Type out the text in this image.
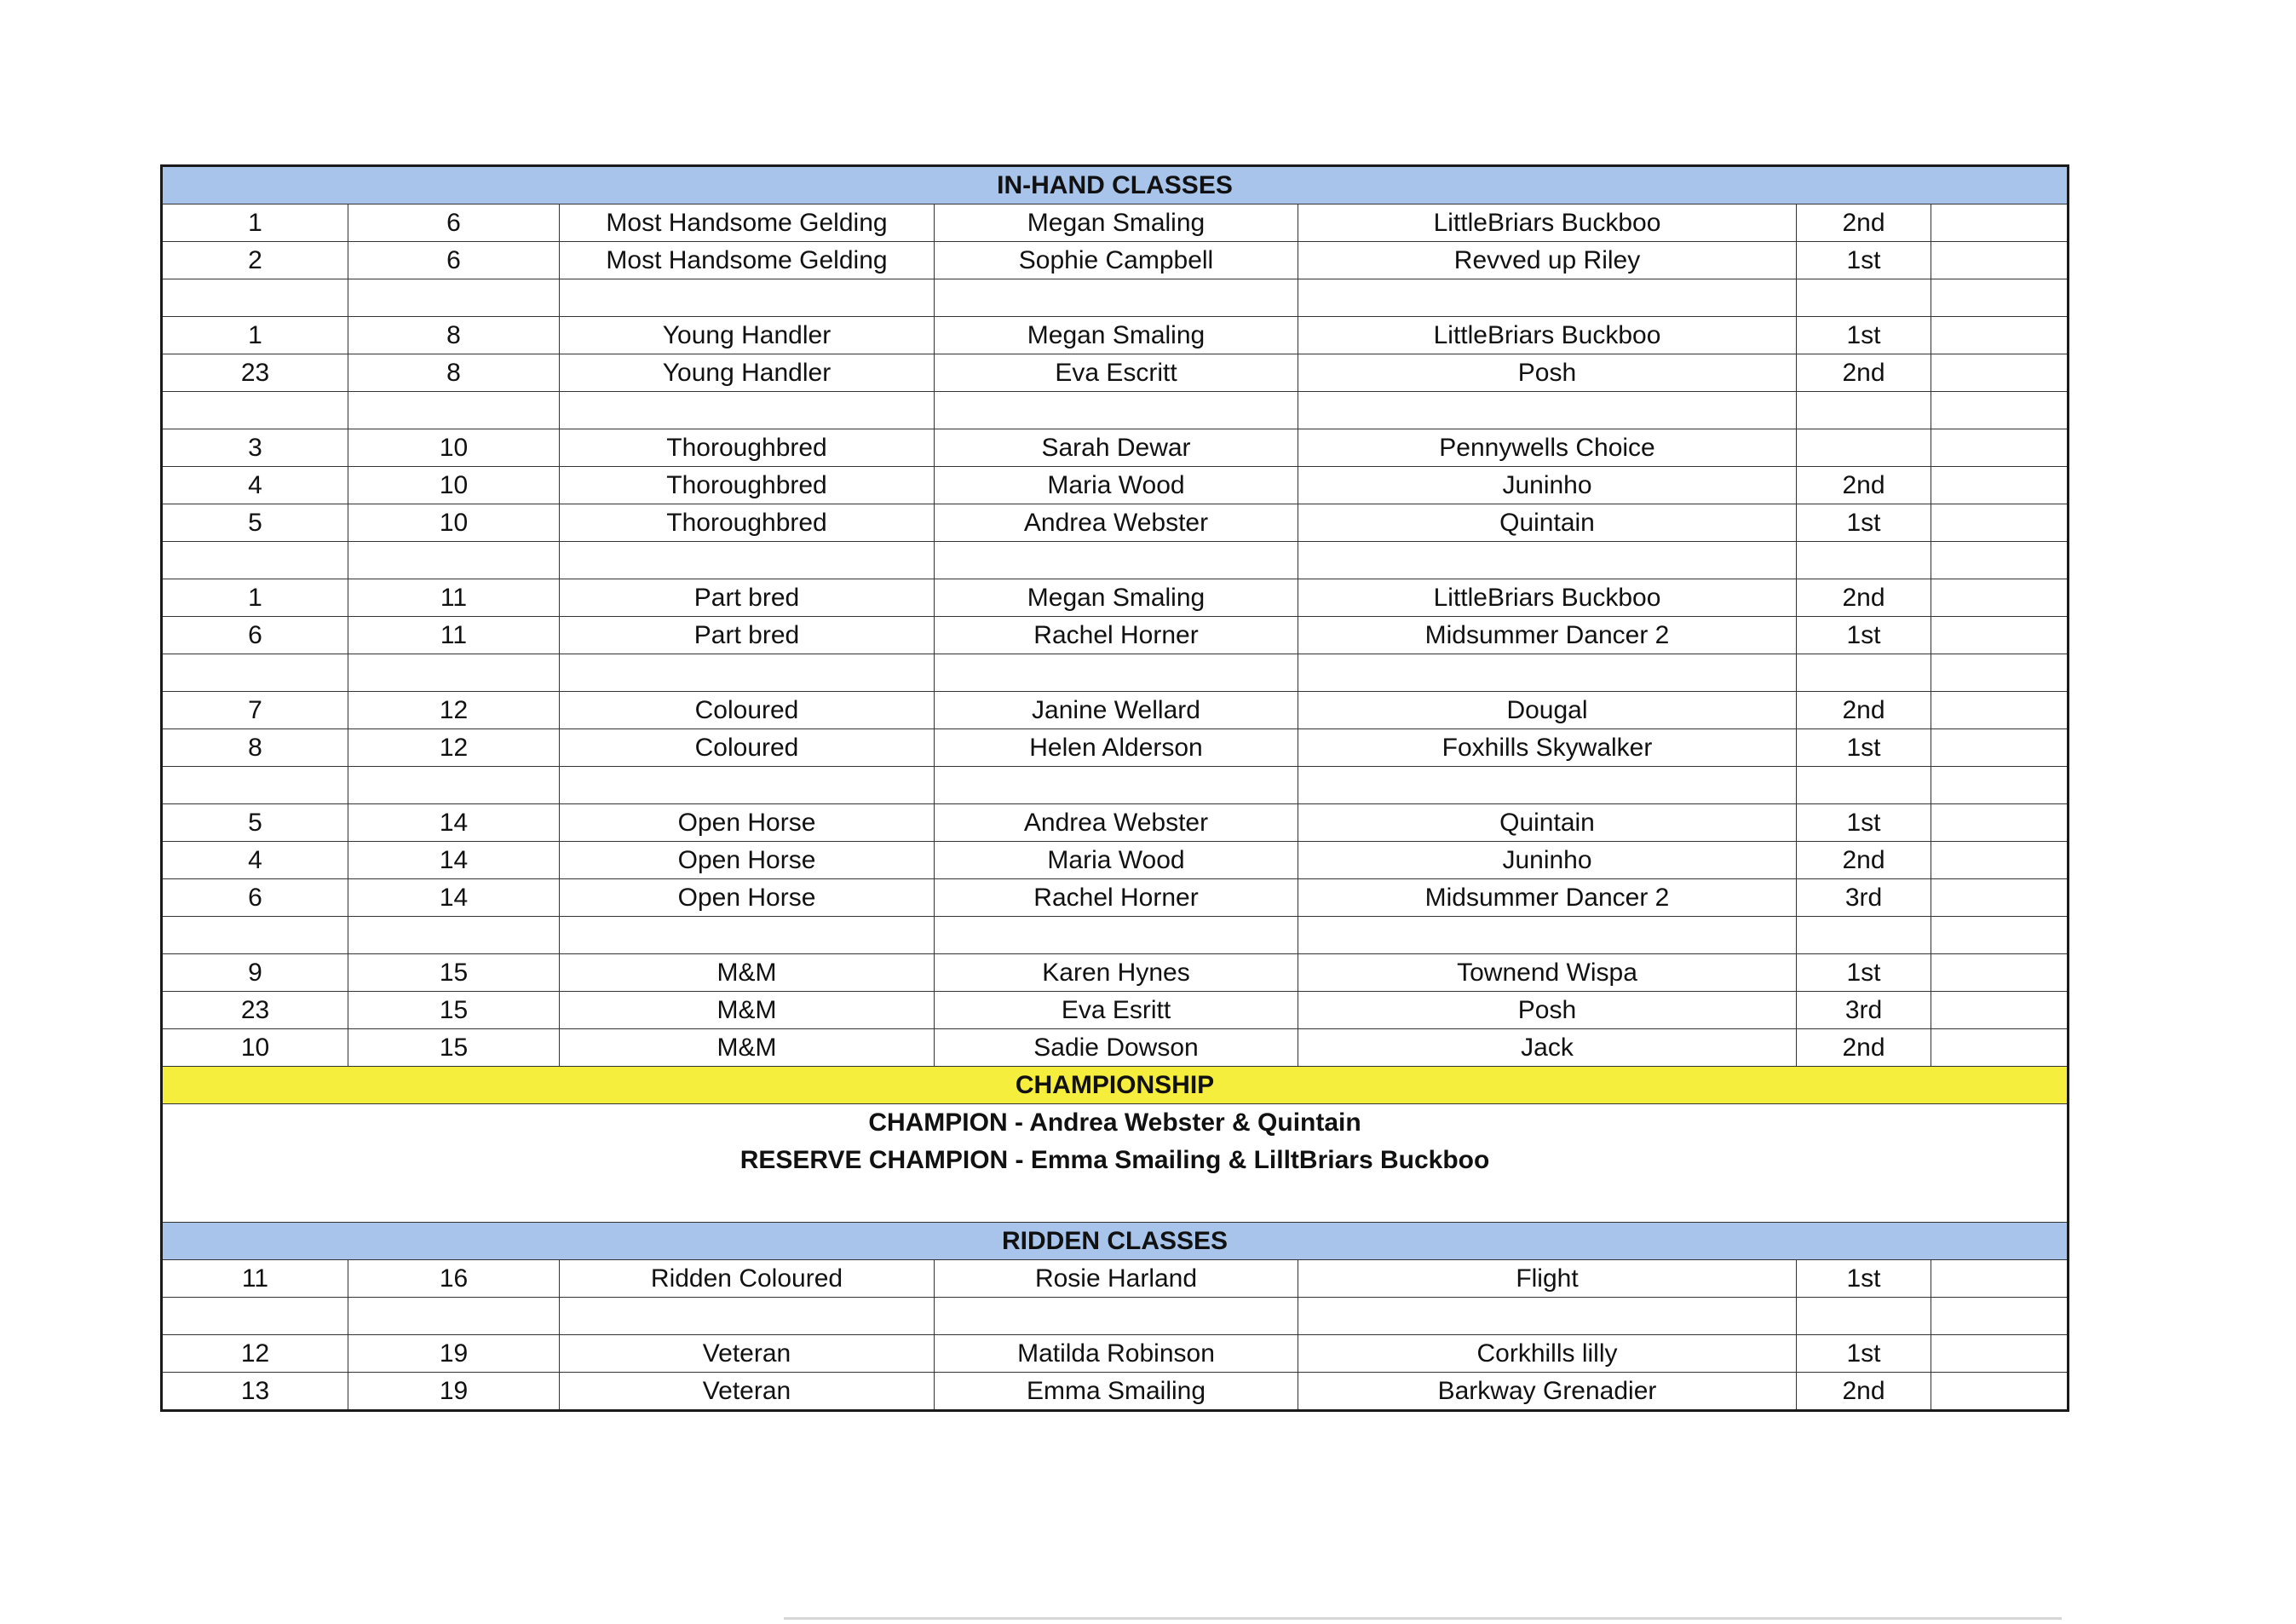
IN-HAND CLASSES						
1	6	Most Handsome Gelding	Megan Smaling	LittleBriars Buckboo	2nd	
2	6	Most Handsome Gelding	Sophie Campbell	Revved up Riley	1st	

1	8	Young Handler	Megan Smaling	LittleBriars Buckboo	1st	
23	8	Young Handler	Eva Escritt	Posh	2nd	

3	10	Thoroughbred	Sarah Dewar	Pennywells Choice		
4	10	Thoroughbred	Maria Wood	Juninho	2nd	
5	10	Thoroughbred	Andrea Webster	Quintain	1st	

1	11	Part bred	Megan Smaling	LittleBriars Buckboo	2nd	
6	11	Part bred	Rachel Horner	Midsummer Dancer 2	1st	

7	12	Coloured	Janine Wellard	Dougal	2nd	
8	12	Coloured	Helen Alderson	Foxhills Skywalker	1st	

5	14	Open Horse	Andrea Webster	Quintain	1st	
4	14	Open Horse	Maria Wood	Juninho	2nd	
6	14	Open Horse	Rachel Horner	Midsummer Dancer 2	3rd	

9	15	M&M	Karen Hynes	Townend Wispa	1st	
23	15	M&M	Eva Esritt	Posh	3rd	
10	15	M&M	Sadie Dowson	Jack	2nd	
CHAMPIONSHIP						
CHAMPION - Andrea Webster & Quintain						
RESERVE CHAMPION - Emma Smailing & LilltBriars Buckboo						

RIDDEN CLASSES						
11	16	Ridden Coloured	Rosie Harland	Flight	1st	

12	19	Veteran	Matilda Robinson	Corkhills lilly	1st	
13	19	Veteran	Emma Smailing	Barkway Grenadier	2nd	
